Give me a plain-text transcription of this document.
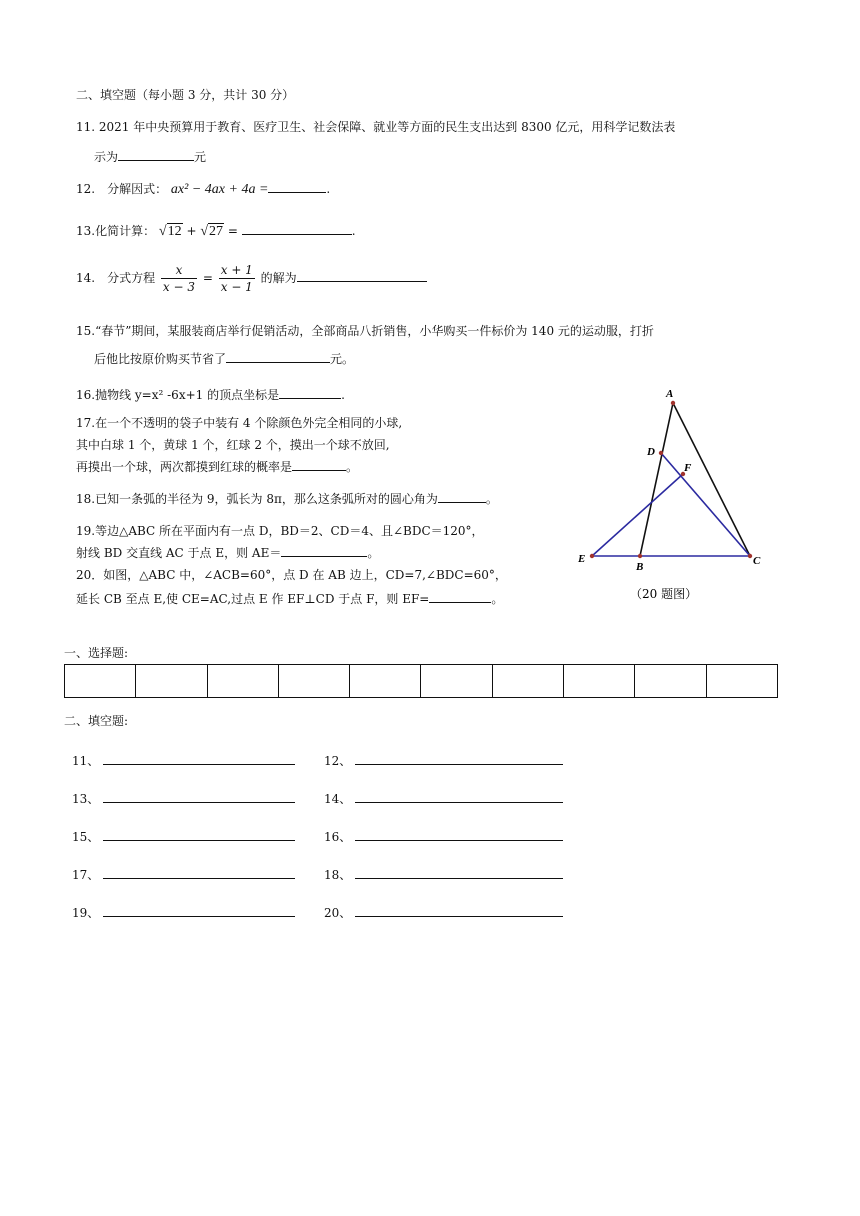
二、填空题（每小题 3 分，共计 30 分）
11. 2021 年中央预算用于教育、医疗卫生、社会保障、就业等方面的民生支出达到 8300 亿元，用科学记数法表
示为	元
12.　分解因式： ax² − 4ax + 4a =	.
13.化简计算： √12 + √27 =	.
14.　分式方程 $\frac{x}{x - 3} = \frac{x + 1}{x - 1}$ 的解为
15.“春节”期间，某服装商店举行促销活动，全部商品八折销售，小华购买一件标价为 140 元的运动服，打折
后他比按原价购买节省了	元。
16.抛物线 y=x² -6x+1 的顶点坐标是	.
17.在一个不透明的袋子中装有 4 个除颜色外完全相同的小球,
其中白球 1 个，黄球 1 个，红球 2 个，摸出一个球不放回,
再摸出一个球，两次都摸到红球的概率是	。
18.已知一条弧的半径为 9，弧长为 8π，那么这条弧所对的圆心角为	。
19.等边△ABC 所在平面内有一点 D，BD＝2、CD＝4、且∠BDC＝120°，
射线 BD 交直线 AC 于点 E，则 AE＝	。
20．如图，△ABC 中，∠ACB=60°，点 D 在 AB 边上，CD=7,∠BDC=60°，
延长 CB 至点 E,使 CE=AC,过点 E 作 EF⊥CD 于点 F，则 EF=	。
A
D
F
E
B	C
（20 题图）
一、选择题:

二、填空题:
11、	12、
13、	14、
15、	16、
17、	18、
19、	20、
